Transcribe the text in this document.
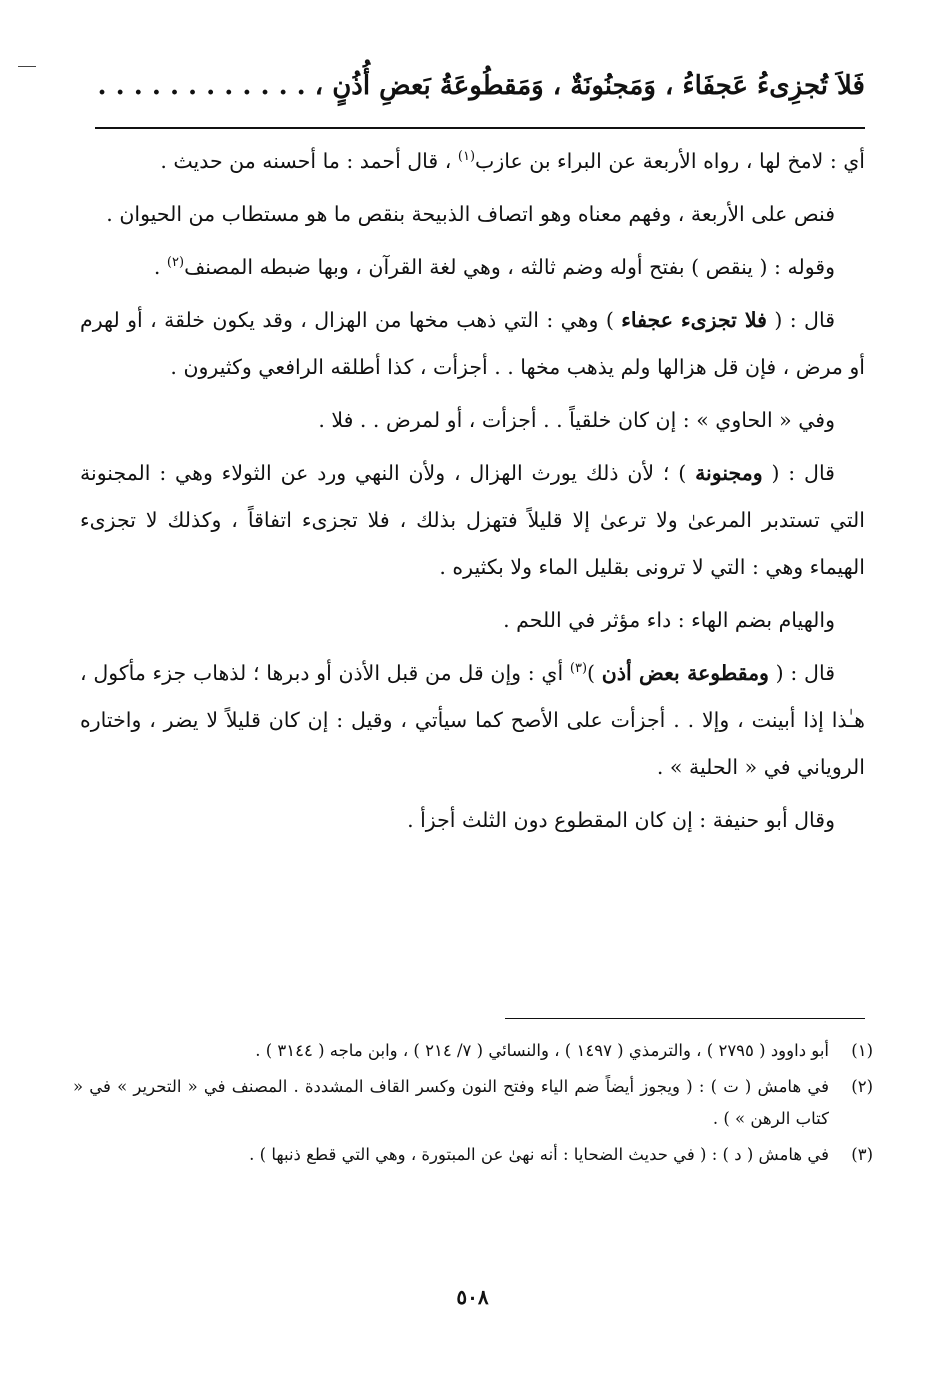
فَلاَ تُجزِىءُ عَجفَاءُ ، وَمَجنُونَةٌ ، وَمَقطُوعَةُ بَعضِ أُذُنٍ ، . . . . . . . . . . . .

أي : لامخ لها ، رواه الأربعة عن البراء بن عازب$^{(١)}$ ، قال أحمد : ما أحسنه من حديث .

فنص على الأربعة ، وفهم معناه وهو اتصاف الذبيحة بنقص ما هو مستطاب من الحيوان .

وقوله : ( ينقص ) بفتح أوله وضم ثالثه ، وهي لغة القرآن ، وبها ضبطه المصنف$^{(٢)}$ .

قال : ( فلا تجزىء عجفاء ) وهي : التي ذهب مخها من الهزال ، وقد يكون خلقة ، أو لهرم أو مرض ، فإن قل هزالها ولم يذهب مخها . . أجزأت ، كذا أطلقه الرافعي وكثيرون .

وفي « الحاوي » : إن كان خلقياً . . أجزأت ، أو لمرض . . فلا .

قال : ( ومجنونة ) ؛ لأن ذلك يورث الهزال ، ولأن النهي ورد عن الثولاء وهي : المجنونة التي تستدبر المرعىٰ ولا ترعىٰ إلا قليلاً فتهزل بذلك ، فلا تجزىء اتفاقاً ، وكذلك لا تجزىء الهيماء وهي : التي لا ترونى بقليل الماء ولا بكثيره .

والهيام بضم الهاء : داء مؤثر في اللحم .

قال : ( ومقطوعة بعض أذن )$^{(٣)}$ أي : وإن قل من قبل الأذن أو دبرها ؛ لذهاب جزء مأكول ، هـٰذا إذا أبينت ، وإلا . . أجزأت على الأصح كما سيأتي ، وقيل : إن كان قليلاً لا يضر ، واختاره الروياني في « الحلية » .

وقال أبو حنيفة : إن كان المقطوع دون الثلث أجزأ .

(١)
أبو داوود ( ٢٧٩٥ ) ، والترمذي ( ١٤٩٧ ) ، والنسائي ( ٧/ ٢١٤ ) ، وابن ماجه ( ٣١٤٤ ) .
(٢)
في هامش ( ت ) : ( ويجوز أيضاً ضم الياء وفتح النون وكسر القاف المشددة . المصنف في « التحرير » في « كتاب الرهن » ) .
(٣)
في هامش ( د ) : ( في حديث الضحايا : أنه نهىٰ عن المبتورة ، وهي التي قطع ذنبها ) .
٥٠٨
